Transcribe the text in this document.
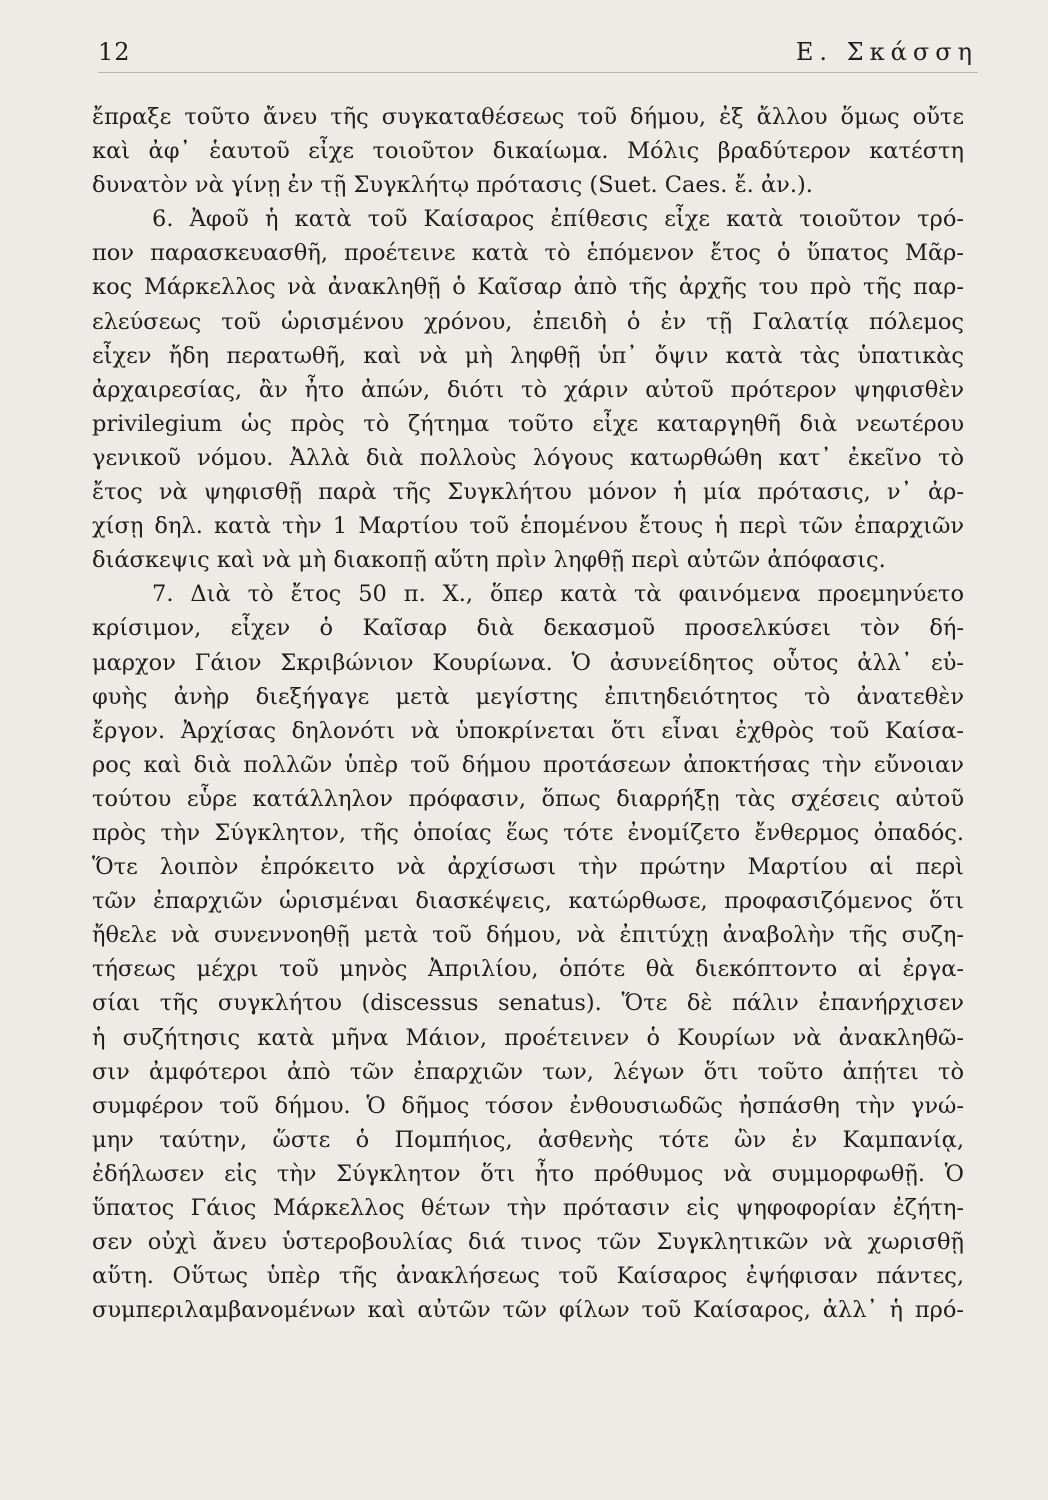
12	Ε. Σκάσση
ἔπραξε τοῦτο ἄνευ τῆς συγκαταθέσεως τοῦ δήμου, ἐξ ἄλλου ὅμως οὔτε
καὶ ἀφ᾽ ἑαυτοῦ εἶχε τοιοῦτον δικαίωμα. Μόλις βραδύτερον κατέστη
δυνατὸν νὰ γίνῃ ἐν τῇ Συγκλήτῳ πρότασις (Suet. Caes. ἔ. ἀν.).
6. Ἀφοῦ ἡ κατὰ τοῦ Καίσαρος ἐπίθεσις εἶχε κατὰ τοιοῦτον τρό-
πον παρασκευασθῆ, προέτεινε κατὰ τὸ ἑπόμενον ἔτος ὁ ὕπατος Μᾶρ-
κος Μάρκελλος νὰ ἀνακληθῇ ὁ Καῖσαρ ἀπὸ τῆς ἀρχῆς του πρὸ τῆς παρ-
ελεύσεως τοῦ ὡρισμένου χρόνου, ἐπειδὴ ὁ ἐν τῇ Γαλατίᾳ πόλεμος
εἶχεν ἤδη περατωθῆ, καὶ νὰ μὴ ληφθῇ ὑπ᾽ ὄψιν κατὰ τὰς ὑπατικὰς
ἀρχαιρεσίας, ἂν ἦτο ἀπών, διότι τὸ χάριν αὐτοῦ πρότερον ψηφισθὲν
privilegium ὡς πρὸς τὸ ζήτημα τοῦτο εἶχε καταργηθῆ διὰ νεωτέρου
γενικοῦ νόμου. Ἀλλὰ διὰ πολλοὺς λόγους κατωρθώθη κατ᾽ ἐκεῖνο τὸ
ἔτος νὰ ψηφισθῇ παρὰ τῆς Συγκλήτου μόνον ἡ μία πρότασις, ν᾽ ἀρ-
χίσῃ δηλ. κατὰ τὴν 1 Μαρτίου τοῦ ἑπομένου ἔτους ἡ περὶ τῶν ἐπαρχιῶν
διάσκεψις καὶ νὰ μὴ διακοπῇ αὕτη πρὶν ληφθῇ περὶ αὐτῶν ἀπόφασις.
7. Διὰ τὸ ἔτος 50 π. Χ., ὅπερ κατὰ τὰ φαινόμενα προεμηνύετο
κρίσιμον, εἶχεν ὁ Καῖσαρ διὰ δεκασμοῦ προσελκύσει τὸν δή-
μαρχον Γάιον Σκριβώνιον Κουρίωνα. Ὁ ἀσυνείδητος οὗτος ἀλλ᾽ εὐ-
φυὴς ἀνὴρ διεξήγαγε μετὰ μεγίστης ἐπιτηδειότητος τὸ ἀνατεθὲν
ἔργον. Ἀρχίσας δηλονότι νὰ ὑποκρίνεται ὅτι εἶναι ἐχθρὸς τοῦ Καίσα-
ρος καὶ διὰ πολλῶν ὑπὲρ τοῦ δήμου προτάσεων ἀποκτήσας τὴν εὔνοιαν
τούτου εὗρε κατάλληλον πρόφασιν, ὅπως διαρρήξῃ τὰς σχέσεις αὐτοῦ
πρὸς τὴν Σύγκλητον, τῆς ὁποίας ἕως τότε ἐνομίζετο ἔνθερμος ὀπαδός.
Ὅτε λοιπὸν ἐπρόκειτο νὰ ἀρχίσωσι τὴν πρώτην Μαρτίου αἱ περὶ
τῶν ἐπαρχιῶν ὡρισμέναι διασκέψεις, κατώρθωσε, προφασιζόμενος ὅτι
ἤθελε νὰ συνεννοηθῇ μετὰ τοῦ δήμου, νὰ ἐπιτύχῃ ἀναβολὴν τῆς συζη-
τήσεως μέχρι τοῦ μηνὸς Ἀπριλίου, ὁπότε θὰ διεκόπτοντο αἱ ἐργα-
σίαι τῆς συγκλήτου (discessus senatus). Ὅτε δὲ πάλιν ἐπανήρχισεν
ἡ συζήτησις κατὰ μῆνα Μάιον, προέτεινεν ὁ Κουρίων νὰ ἀνακληθῶ-
σιν ἀμφότεροι ἀπὸ τῶν ἐπαρχιῶν των, λέγων ὅτι τοῦτο ἀπῄτει τὸ
συμφέρον τοῦ δήμου. Ὁ δῆμος τόσον ἐνθουσιωδῶς ἠσπάσθη τὴν γνώ-
μην ταύτην, ὥστε ὁ Πομπήιος, ἀσθενὴς τότε ὢν ἐν Καμπανίᾳ,
ἐδήλωσεν εἰς τὴν Σύγκλητον ὅτι ἦτο πρόθυμος νὰ συμμορφωθῇ. Ὁ
ὕπατος Γάιος Μάρκελλος θέτων τὴν πρότασιν εἰς ψηφοφορίαν ἐζήτη-
σεν οὐχὶ ἄνευ ὑστεροβουλίας διά τινος τῶν Συγκλητικῶν νὰ χωρισθῇ
αὕτη. Οὕτως ὑπὲρ τῆς ἀνακλήσεως τοῦ Καίσαρος ἐψήφισαν πάντες,
συμπεριλαμβανομένων καὶ αὐτῶν τῶν φίλων τοῦ Καίσαρος, ἀλλ᾽ ἡ πρό-
